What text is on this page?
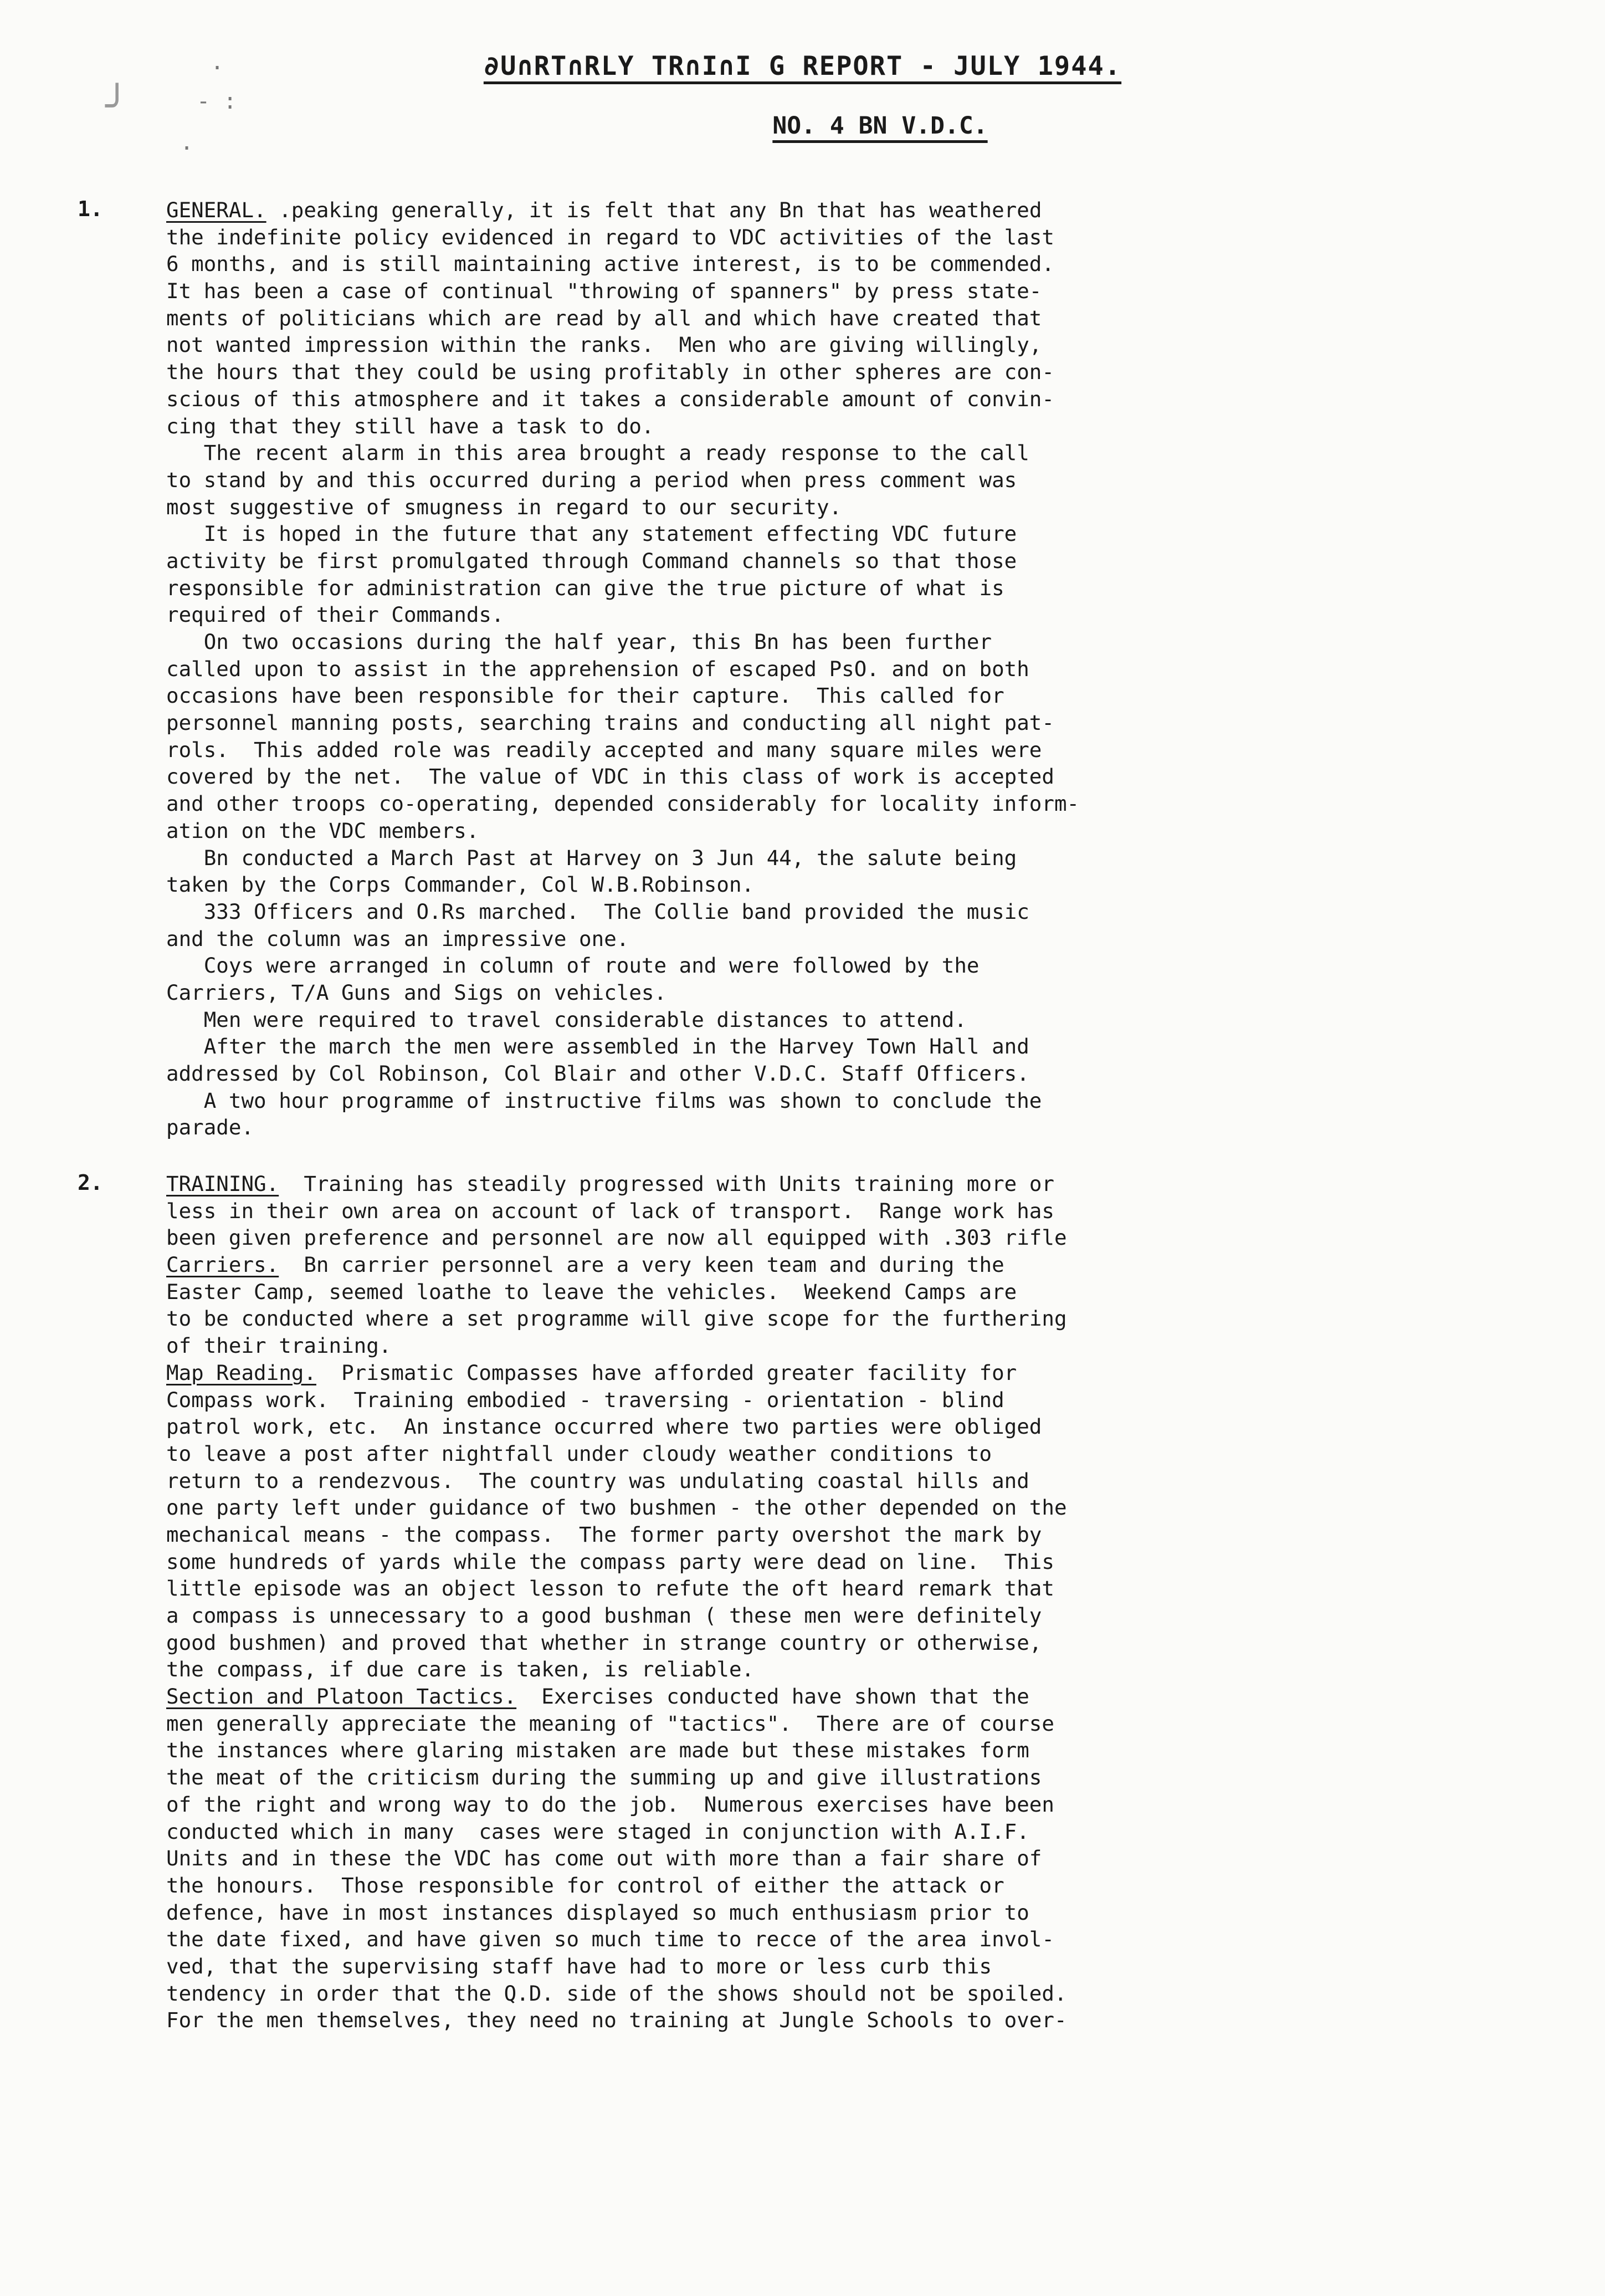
╯
·
- :
·
∂U∩RT∩RLY TR∩I∩I G REPORT - JULY 1944.
NO. 4 BN V.D.C.
1.	GENERAL. .peaking generally, it is felt that any Bn that has weathered
the indefinite policy evidenced in regard to VDC activities of the last
6 months, and is still maintaining active interest, is to be commended.
It has been a case of continual "throwing of spanners" by press state-
ments of politicians which are read by all and which have created that
not wanted impression within the ranks.  Men who are giving willingly,
the hours that they could be using profitably in other spheres are con-
scious of this atmosphere and it takes a considerable amount of convin-
cing that they still have a task to do.
The recent alarm in this area brought a ready response to the call
to stand by and this occurred during a period when press comment was
most suggestive of smugness in regard to our security.
It is hoped in the future that any statement effecting VDC future
activity be first promulgated through Command channels so that those
responsible for administration can give the true picture of what is
required of their Commands.
On two occasions during the half year, this Bn has been further
called upon to assist in the apprehension of escaped PsO. and on both
occasions have been responsible for their capture.  This called for
personnel manning posts, searching trains and conducting all night pat-
rols.  This added role was readily accepted and many square miles were
covered by the net.  The value of VDC in this class of work is accepted
and other troops co-operating, depended considerably for locality inform-
ation on the VDC members.
Bn conducted a March Past at Harvey on 3 Jun 44, the salute being
taken by the Corps Commander, Col W.B.Robinson.
333 Officers and O.Rs marched.  The Collie band provided the music
and the column was an impressive one.
Coys were arranged in column of route and were followed by the
Carriers, T/A Guns and Sigs on vehicles.
Men were required to travel considerable distances to attend.
After the march the men were assembled in the Harvey Town Hall and
addressed by Col Robinson, Col Blair and other V.D.C. Staff Officers.
A two hour programme of instructive films was shown to conclude the
parade.
2.	TRAINING.  Training has steadily progressed with Units training more or
less in their own area on account of lack of transport.  Range work has
been given preference and personnel are now all equipped with .303 rifle
Carriers.  Bn carrier personnel are a very keen team and during the
Easter Camp, seemed loathe to leave the vehicles.  Weekend Camps are
to be conducted where a set programme will give scope for the furthering
of their training.
Map Reading.  Prismatic Compasses have afforded greater facility for
Compass work.  Training embodied - traversing - orientation - blind
patrol work, etc.  An instance occurred where two parties were obliged
to leave a post after nightfall under cloudy weather conditions to
return to a rendezvous.  The country was undulating coastal hills and
one party left under guidance of two bushmen - the other depended on the
mechanical means - the compass.  The former party overshot the mark by
some hundreds of yards while the compass party were dead on line.  This
little episode was an object lesson to refute the oft heard remark that
a compass is unnecessary to a good bushman ( these men were definitely
good bushmen) and proved that whether in strange country or otherwise,
the compass, if due care is taken, is reliable.
Section and Platoon Tactics.  Exercises conducted have shown that the
men generally appreciate the meaning of "tactics".  There are of course
the instances where glaring mistaken are made but these mistakes form
the meat of the criticism during the summing up and give illustrations
of the right and wrong way to do the job.  Numerous exercises have been
conducted which in many  cases were staged in conjunction with A.I.F.
Units and in these the VDC has come out with more than a fair share of
the honours.  Those responsible for control of either the attack or
defence, have in most instances displayed so much enthusiasm prior to
the date fixed, and have given so much time to recce of the area invol-
ved, that the supervising staff have had to more or less curb this
tendency in order that the Q.D. side of the shows should not be spoiled.
For the men themselves, they need no training at Jungle Schools to over-
